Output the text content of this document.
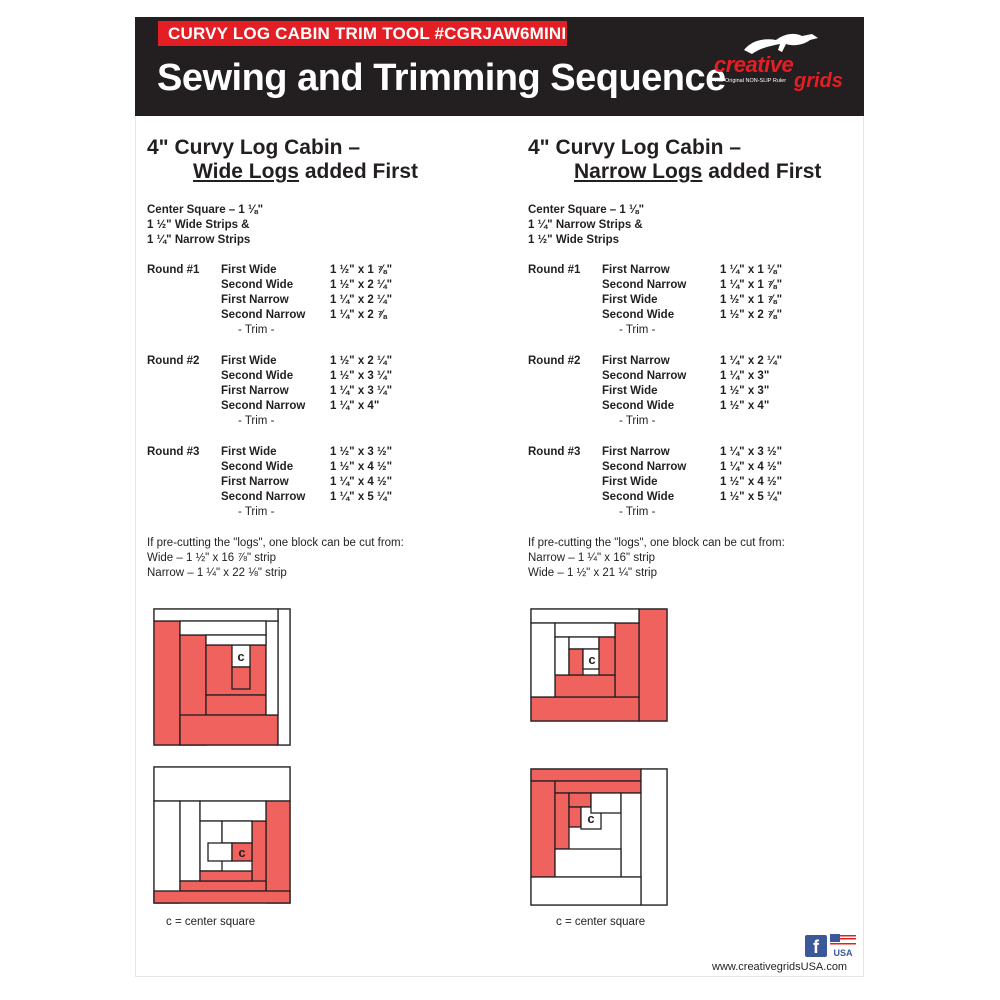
CURVY LOG CABIN TRIM TOOL #CGRJAW6MINI
Sewing and Trimming Sequence
creative
grids
The Original NON-SLIP Ruler
4" Curvy Log Cabin –
Wide Logs added First
Center Square – 1 ⅛"
1 ½" Wide Strips &
1 ¼" Narrow Strips
Round #1 First Wide	1 ½" x 1 ⅞"
Second Wide	1 ½" x 2 ¼"
First Narrow	1 ¼" x 2 ¼"
Second Narrow 1 ¼" x 2 ⅞
- Trim -
Round #2 First Wide	1 ½" x 2 ¼"
Second Wide	1 ½" x 3 ¼"
First Narrow	1 ¼" x 3 ¼"
Second Narrow 1 ¼" x 4"
- Trim -
Round #3 First Wide	1 ½" x 3 ½"
Second Wide	1 ½" x 4 ½"
First Narrow	1 ¼" x 4 ½"
Second Narrow 1 ¼" x 5 ¼"
- Trim -
If pre-cutting the "logs", one block can be cut from:
Wide – 1 ½" x 16 ⅞" strip
Narrow – 1 ¼" x 22 ⅛" strip
4" Curvy Log Cabin –
Narrow Logs added First
Center Square – 1 ⅛"
1 ¼" Narrow Strips &
1 ½" Wide Strips
Round #1 First Narrow	1 ¼" x 1 ⅛"
Second Narrow	1 ¼" x 1 ⅞"
First Wide	1 ½" x 1 ⅞"
Second Wide	1 ½" x 2 ⅞"
- Trim -
Round #2 First Narrow	1 ¼" x 2 ¼"
Second Narrow	1 ¼" x 3"
First Wide	1 ½" x 3"
Second Wide	1 ½" x 4"
- Trim -
Round #3 First Narrow	1 ¼" x 3 ½"
Second Narrow	1 ¼" x 4 ½"
First Wide	1 ½" x 4 ½"
Second Wide	1 ½" x 5 ¼"
- Trim -
If pre-cutting the "logs", one block can be cut from:
Narrow – 1 ¼" x 16" strip
Wide – 1 ½" x 21 ¼" strip
c
c
c
c
c = center square	c = center square
f	USA
www.creativegridsUSA.com
